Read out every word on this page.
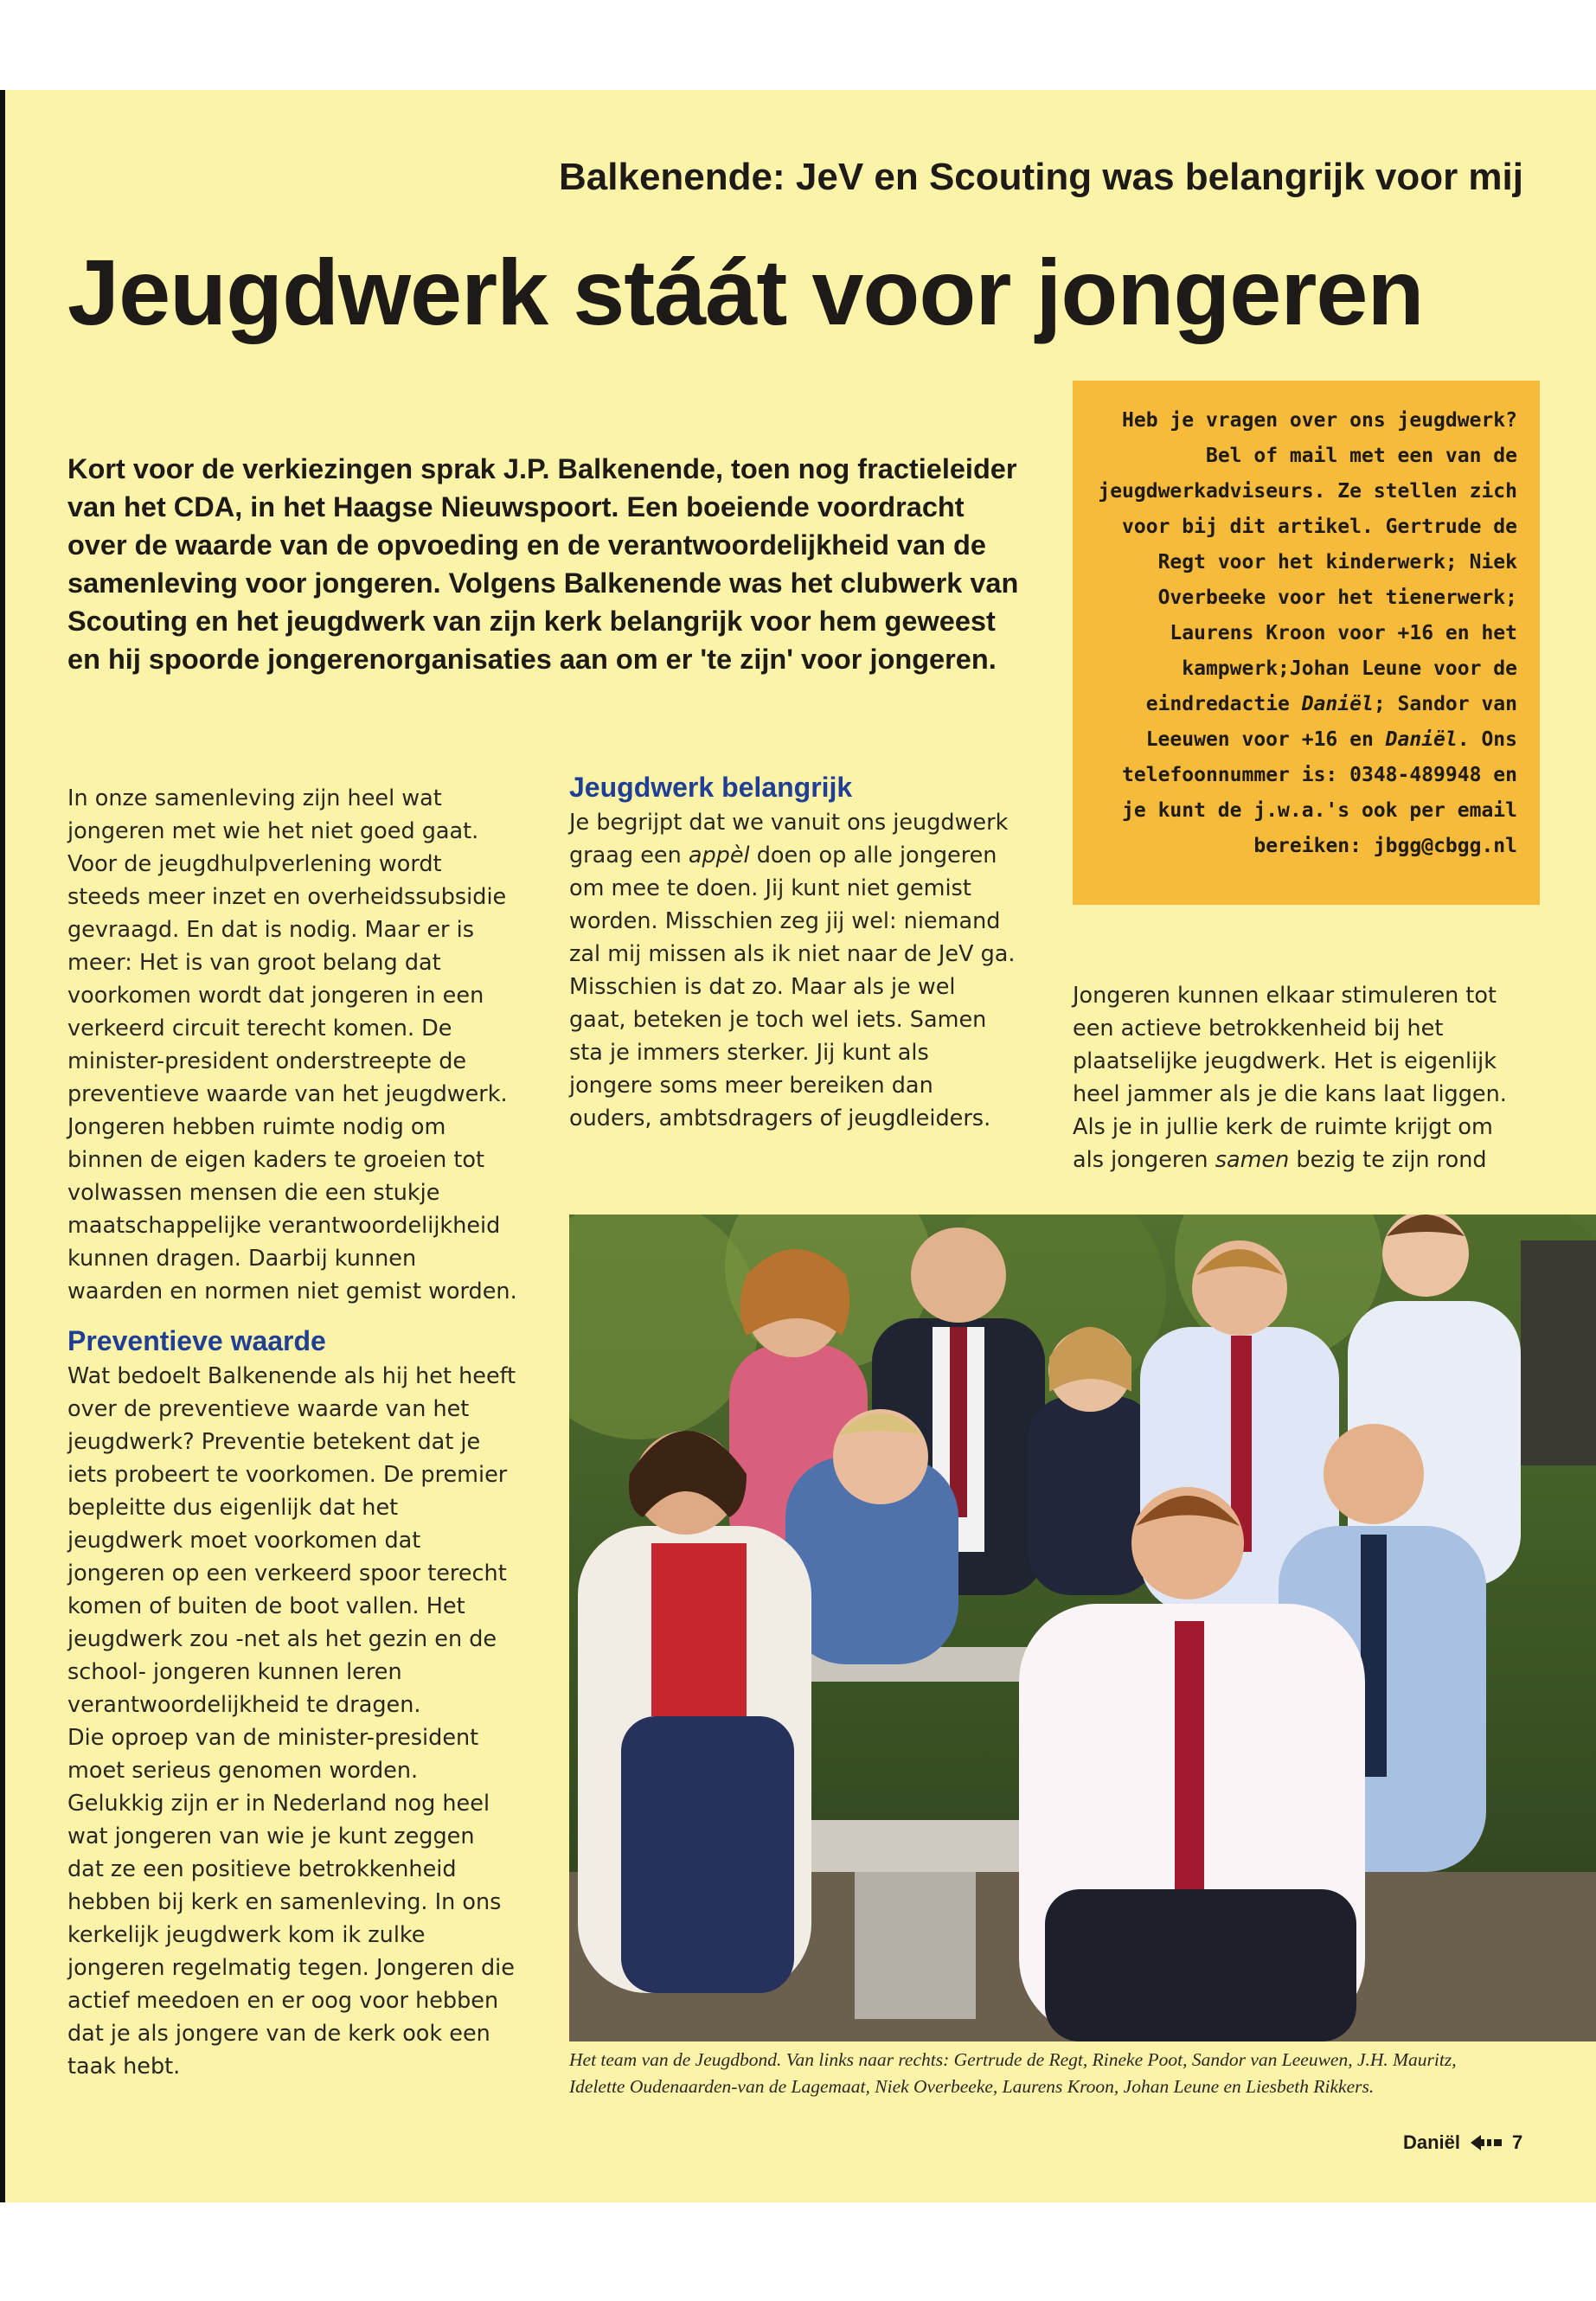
Balkenende: JeV en Scouting was belangrijk voor mij
Jeugdwerk stáát voor jongeren
Kort voor de verkiezingen sprak J.P. Balkenende, toen nog fractieleider van het CDA, in het Haagse Nieuwspoort. Een boeiende voordracht over de waarde van de opvoeding en de verantwoordelijkheid van de samenleving voor jongeren. Volgens Balkenende was het clubwerk van Scouting en het jeugdwerk van zijn kerk belangrijk voor hem geweest en hij spoorde jongerenorganisaties aan om er 'te zijn' voor jongeren.
Heb je vragen over ons jeugdwerk? Bel of mail met een van de jeugdwerkadviseurs. Ze stellen zich voor bij dit artikel. Gertrude de Regt voor het kinderwerk; Niek Overbeeke voor het tienerwerk; Laurens Kroon voor +16 en het kampwerk;Johan Leune voor de eindredactie Daniël; Sandor van Leeuwen voor +16 en Daniël. Ons telefoonnummer is: 0348-489948 en je kunt de j.w.a.'s ook per email bereiken: jbgg@cbgg.nl

In onze samenleving zijn heel wat jongeren met wie het niet goed gaat. Voor de jeugdhulpverlening wordt steeds meer inzet en overheidssubsidie gevraagd. En dat is nodig. Maar er is meer: Het is van groot belang dat voorkomen wordt dat jongeren in een verkeerd circuit terecht komen. De minister-president onderstreepte de preventieve waarde van het jeugdwerk. Jongeren hebben ruimte nodig om binnen de eigen kaders te groeien tot volwassen mensen die een stukje maatschappelijke verantwoordelijkheid kunnen dragen. Daarbij kunnen waarden en normen niet gemist worden.

Preventieve waarde

Wat bedoelt Balkenende als hij het heeft over de preventieve waarde van het jeugdwerk? Preventie betekent dat je iets probeert te voorkomen. De premier bepleitte dus eigenlijk dat het jeugdwerk moet voorkomen dat jongeren op een verkeerd spoor terecht komen of buiten de boot vallen. Het jeugdwerk zou -net als het gezin en de school- jongeren kunnen leren verantwoordelijkheid te dragen.

Die oproep van de minister-president moet serieus genomen worden. Gelukkig zijn er in Nederland nog heel wat jongeren van wie je kunt zeggen dat ze een positieve betrokkenheid hebben bij kerk en samenleving. In ons kerkelijk jeugdwerk kom ik zulke jongeren regelmatig tegen. Jongeren die actief meedoen en er oog voor hebben dat je als jongere van de kerk ook een taak hebt.

Jeugdwerk belangrijk

Je begrijpt dat we vanuit ons jeugdwerk graag een appèl doen op alle jongeren om mee te doen. Jij kunt niet gemist worden. Misschien zeg jij wel: niemand zal mij missen als ik niet naar de JeV ga. Misschien is dat zo. Maar als je wel gaat, beteken je toch wel iets. Samen sta je immers sterker. Jij kunt als jongere soms meer bereiken dan ouders, ambtsdragers of jeugdleiders.

Jongeren kunnen elkaar stimuleren tot een actieve betrokkenheid bij het plaatselijke jeugdwerk. Het is eigenlijk heel jammer als je die kans laat liggen. Als je in jullie kerk de ruimte krijgt om als jongeren samen bezig te zijn rond

Het team van de Jeugdbond. Van links naar rechts: Gertrude de Regt, Rineke Poot, Sandor van Leeuwen, J.H. Mauritz, Idelette Oudenaarden-van de Lagemaat, Niek Overbeeke, Laurens Kroon, Johan Leune en Liesbeth Rikkers.
Daniël	7
